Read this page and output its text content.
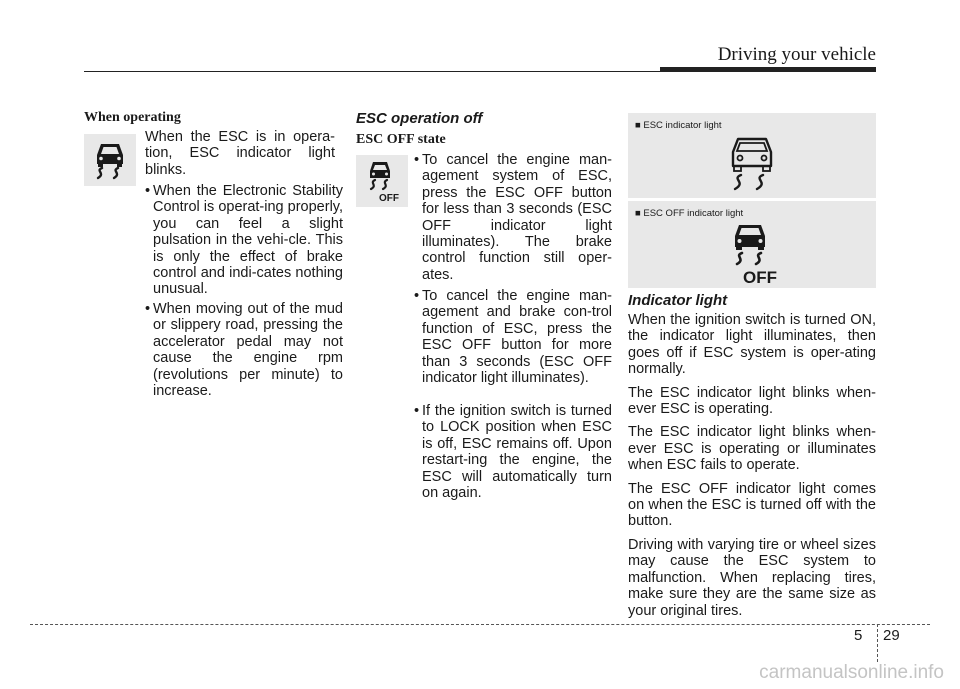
Driving your vehicle
When operating
When the ESC is in opera-tion, ESC indicator light blinks.
• When the Electronic Stability Control is operat-ing properly, you can feel a slight pulsation in the vehi-cle. This is only the effect of brake control and indi-cates nothing unusual.
• When moving out of the mud or slippery road, pressing the accelerator pedal may not cause the engine rpm (revolutions per minute) to increase.
ESC operation off
ESC OFF state
OFF
• To cancel the engine man-agement system of ESC, press the ESC OFF button for less than 3 seconds (ESC OFF indicator light illuminates). The brake control function still oper-ates.
• To cancel the engine man-agement and brake con-trol function of ESC, press the ESC OFF button for more than 3 seconds (ESC OFF indicator light illuminates).
• If the ignition switch is turned to LOCK position when ESC is off, ESC remains off. Upon restart-ing the engine, the ESC will automatically turn on again.
■ ESC indicator light
■ ESC OFF indicator light
OFF
Indicator light

When the ignition switch is turned ON, the indicator light illuminates, then goes off if ESC system is oper-ating normally.

The ESC indicator light blinks when-ever ESC is operating.

The ESC indicator light blinks when-ever ESC is operating or illuminates when ESC fails to operate.

The ESC OFF indicator light comes on when the ESC is turned off with the button.

Driving with varying tire or wheel sizes may cause the ESC system to malfunction. When replacing tires, make sure they are the same size as your original tires.

5 29
carmanualsonline.info
